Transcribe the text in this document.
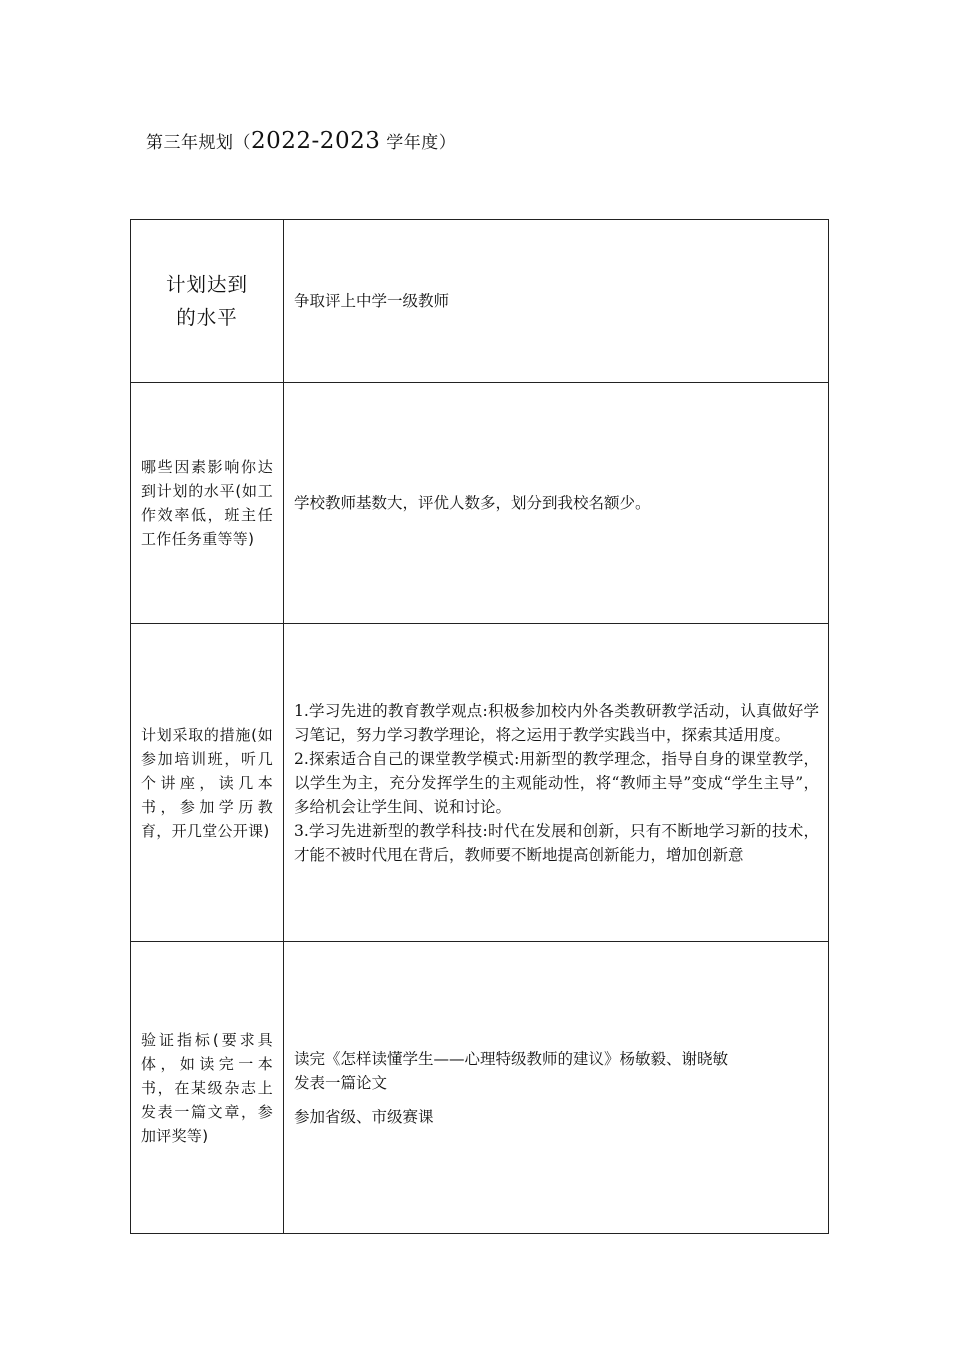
第三年规划（2022-2023 学年度）
计划达到
的水平	争取评上中学一级教师
哪些因素影响你达到计划的水平(如工作效率低，班主任工作任务重等等)	学校教师基数大，评优人数多，划分到我校名额少。
计划采取的措施(如参加培训班，听几个讲座，读几本书，参加学历教育，开几堂公开课)	1.学习先进的教育教学观点:积极参加校内外各类教研教学活动，认真做好学习笔记，努力学习教学理论，将之运用于教学实践当中，探索其适用度。
2.探索适合自己的课堂教学模式:用新型的教学理念，指导自身的课堂教学，以学生为主，充分发挥学生的主观能动性，将“教师主导”变成“学生主导”，多给机会让学生间、说和讨论。
3.学习先进新型的教学科技:时代在发展和创新，只有不断地学习新的技术，才能不被时代甩在背后，教师要不断地提高创新能力，增加创新意

验证指标(要求具体，如读完一本书，在某级杂志上发表一篇文章，参加评奖等)	读完《怎样读懂学生——心理特级教师的建议》杨敏毅、谢晓敏
发表一篇论文
参加省级、市级赛课
